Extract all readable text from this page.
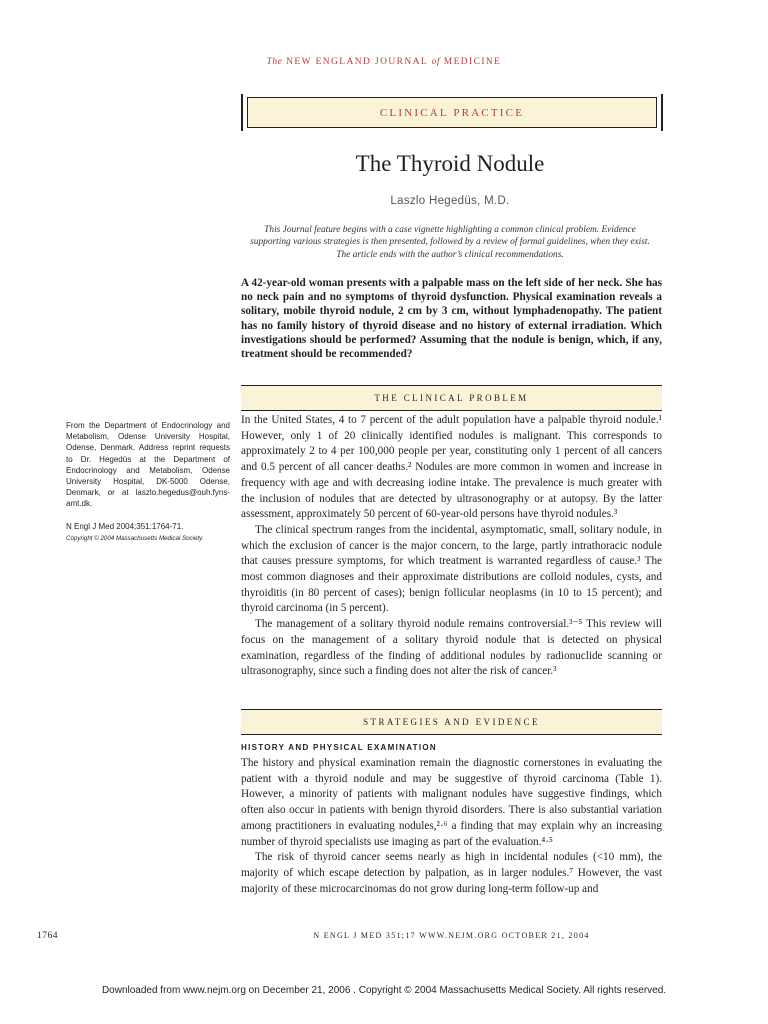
The NEW ENGLAND JOURNAL of MEDICINE
CLINICAL PRACTICE
The Thyroid Nodule
Laszlo Hegedüs, M.D.
This Journal feature begins with a case vignette highlighting a common clinical problem. Evidence supporting various strategies is then presented, followed by a review of formal guidelines, when they exist. The article ends with the author’s clinical recommendations.
A 42-year-old woman presents with a palpable mass on the left side of her neck. She has no neck pain and no symptoms of thyroid dysfunction. Physical examination reveals a solitary, mobile thyroid nodule, 2 cm by 3 cm, without lymphadenopathy. The patient has no family history of thyroid disease and no history of external irradiation. Which investigations should be performed? Assuming that the nodule is benign, which, if any, treatment should be recommended?
THE CLINICAL PROBLEM
From the Department of Endocrinology and Metabolism, Odense University Hospital, Odense, Denmark. Address reprint requests to Dr. Hegedüs at the Department of Endocrinology and Metabolism, Odense University Hospital, DK-5000 Odense, Denmark, or at laszlo.hegedus@ouh.fyns-amt.dk.
N Engl J Med 2004;351:1764-71.
Copyright © 2004 Massachusetts Medical Society.

In the United States, 4 to 7 percent of the adult population have a palpable thyroid nodule.¹ However, only 1 of 20 clinically identified nodules is malignant. This corresponds to approximately 2 to 4 per 100,000 people per year, constituting only 1 percent of all cancers and 0.5 percent of all cancer deaths.² Nodules are more common in women and increase in frequency with age and with decreasing iodine intake. The prevalence is much greater with the inclusion of nodules that are detected by ultrasonography or at autopsy. By the latter assessment, approximately 50 percent of 60-year-old persons have thyroid nodules.³

The clinical spectrum ranges from the incidental, asymptomatic, small, solitary nodule, in which the exclusion of cancer is the major concern, to the large, partly intrathoracic nodule that causes pressure symptoms, for which treatment is warranted regardless of cause.³ The most common diagnoses and their approximate distributions are colloid nodules, cysts, and thyroiditis (in 80 percent of cases); benign follicular neoplasms (in 10 to 15 percent); and thyroid carcinoma (in 5 percent).

The management of a solitary thyroid nodule remains controversial.³⁻⁵ This review will focus on the management of a solitary thyroid nodule that is detected on physical examination, regardless of the finding of additional nodules by radionuclide scanning or ultrasonography, since such a finding does not alter the risk of cancer.³

STRATEGIES AND EVIDENCE
HISTORY AND PHYSICAL EXAMINATION

The history and physical examination remain the diagnostic cornerstones in evaluating the patient with a thyroid nodule and may be suggestive of thyroid carcinoma (Table 1). However, a minority of patients with malignant nodules have suggestive findings, which often also occur in patients with benign thyroid disorders. There is also substantial variation among practitioners in evaluating nodules,²·⁶ a finding that may explain why an increasing number of thyroid specialists use imaging as part of the evaluation.⁴·⁵

The risk of thyroid cancer seems nearly as high in incidental nodules (<10 mm), the majority of which escape detection by palpation, as in larger nodules.⁷ However, the vast majority of these microcarcinomas do not grow during long-term follow-up and

1764	N ENGL J MED 351;17 WWW.NEJM.ORG OCTOBER 21, 2004
Downloaded from www.nejm.org on December 21, 2006 . Copyright © 2004 Massachusetts Medical Society. All rights reserved.
